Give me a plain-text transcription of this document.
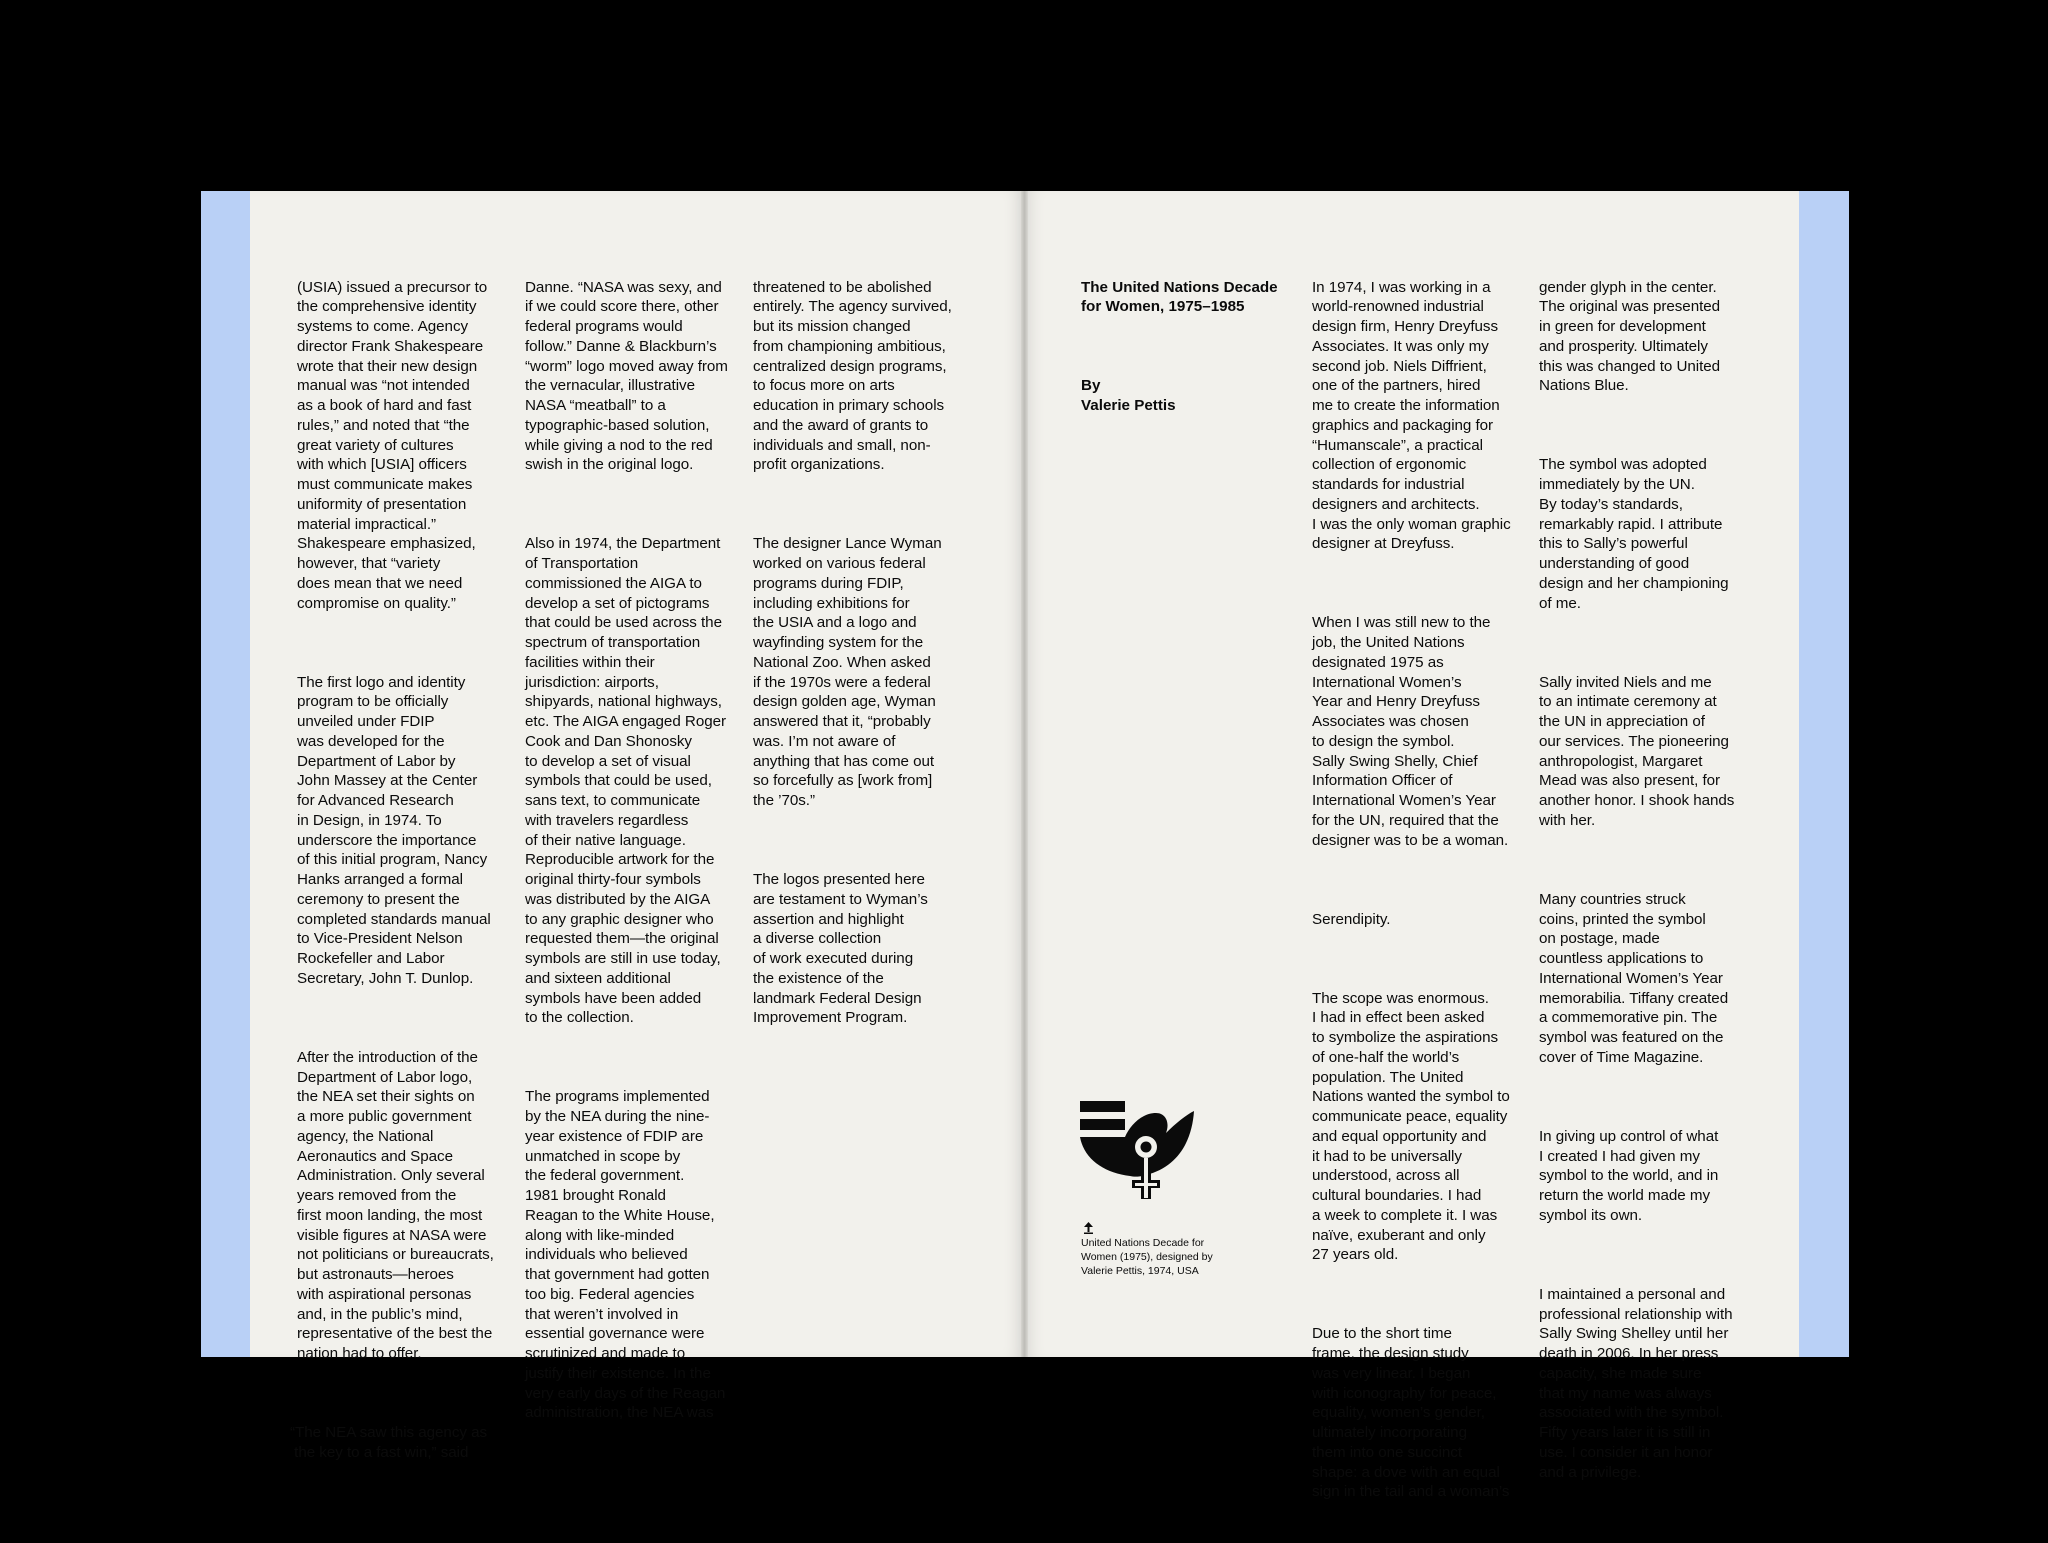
(USIA) issued a precursor to
the comprehensive identity
systems to come. Agency
director Frank Shakespeare
wrote that their new design
manual was “not intended
as a book of hard and fast
rules,” and noted that “the
great variety of cultures
with which [USIA] officers
must communicate makes
uniformity of presentation
material impractical.”
Shakespeare emphasized,
however, that “variety
does mean that we need
compromise on quality.”

The first logo and identity
program to be officially
unveiled under FDIP
was developed for the
Department of Labor by
John Massey at the Center
for Advanced Research
in Design, in 1974. To
underscore the importance
of this initial program, Nancy
Hanks arranged a formal
ceremony to present the
completed standards manual
to Vice-President Nelson
Rockefeller and Labor
Secretary, John T. Dunlop.

After the introduction of the
Department of Labor logo,
the NEA set their sights on
a more public government
agency, the National
Aeronautics and Space
Administration. Only several
years removed from the
first moon landing, the most
visible figures at NASA were
not politicians or bureaucrats,
but astronauts—heroes
with aspirational personas
and, in the public’s mind,
representative of the best the
nation had to offer.

“The NEA saw this agency as
the key to a fast win,” said

Danne. “NASA was sexy, and
if we could score there, other
federal programs would
follow.” Danne & Blackburn’s
“worm” logo moved away from
the vernacular, illustrative
NASA “meatball” to a
typographic-based solution,
while giving a nod to the red
swish in the original logo.

Also in 1974, the Department
of Transportation
commissioned the AIGA to
develop a set of pictograms
that could be used across the
spectrum of transportation
facilities within their
jurisdiction: airports,
shipyards, national highways,
etc. The AIGA engaged Roger
Cook and Dan Shonosky
to develop a set of visual
symbols that could be used,
sans text, to communicate
with travelers regardless
of their native language.
Reproducible artwork for the
original thirty-four symbols
was distributed by the AIGA
to any graphic designer who
requested them—the original
symbols are still in use today,
and sixteen additional
symbols have been added
to the collection.

The programs implemented
by the NEA during the nine-
year existence of FDIP are
unmatched in scope by
the federal government.
1981 brought Ronald
Reagan to the White House,
along with like-minded
individuals who believed
that government had gotten
too big. Federal agencies
that weren’t involved in
essential governance were
scrutinized and made to
justify their existence. In the
very early days of the Reagan
administration, the NEA was

threatened to be abolished
entirely. The agency survived,
but its mission changed
from championing ambitious,
centralized design programs,
to focus more on arts
education in primary schools
and the award of grants to
individuals and small, non-
profit organizations.

The designer Lance Wyman
worked on various federal
programs during FDIP,
including exhibitions for
the USIA and a logo and
wayfinding system for the
National Zoo. When asked
if the 1970s were a federal
design golden age, Wyman
answered that it, “probably
was. I’m not aware of
anything that has come out
so forcefully as [work from]
the ’70s.”

The logos presented here
are testament to Wyman’s
assertion and highlight
a diverse collection
of work executed during
the existence of the
landmark Federal Design
Improvement Program.

The United Nations Decade
for Women, 1975–1985

By
Valerie Pettis

In 1974, I was working in a
world-renowned industrial
design firm, Henry Dreyfuss
Associates. It was only my
second job. Niels Diffrient,
one of the partners, hired
me to create the information
graphics and packaging for
“Humanscale”, a practical
collection of ergonomic
standards for industrial
designers and architects.
I was the only woman graphic
designer at Dreyfuss.

When I was still new to the
job, the United Nations
designated 1975 as
International Women’s
Year and Henry Dreyfuss
Associates was chosen
to design the symbol.
Sally Swing Shelly, Chief
Information Officer of
International Women’s Year
for the UN, required that the
designer was to be a woman.

Serendipity.

The scope was enormous.
I had in effect been asked
to symbolize the aspirations
of one-half the world’s
population. The United
Nations wanted the symbol to
communicate peace, equality
and equal opportunity and
it had to be universally
understood, across all
cultural boundaries. I had
a week to complete it. I was
naïve, exuberant and only
27 years old.

Due to the short time
frame, the design study
was very linear. I began
with iconography for peace,
equality, women’s gender,
ultimately incorporating
them into one succinct
shape: a dove with an equal
sign in the tail and a woman’s

gender glyph in the center.
The original was presented
in green for development
and prosperity. Ultimately
this was changed to United
Nations Blue.

The symbol was adopted
immediately by the UN.
By today’s standards,
remarkably rapid. I attribute
this to Sally’s powerful
understanding of good
design and her championing
of me.

Sally invited Niels and me
to an intimate ceremony at
the UN in appreciation of
our services. The pioneering
anthropologist, Margaret
Mead was also present, for
another honor. I shook hands
with her.

Many countries struck
coins, printed the symbol
on postage, made
countless applications to
International Women’s Year
memorabilia. Tiffany created
a commemorative pin. The
symbol was featured on the
cover of Time Magazine.

In giving up control of what
I created I had given my
symbol to the world, and in
return the world made my
symbol its own.

I maintained a personal and
professional relationship with
Sally Swing Shelley until her
death in 2006. In her press
capacity, she made sure
that my name was always
associated with the symbol.
Fifty years later it is still in
use. I consider it an honor
and a privilege.

United Nations Decade for
Women (1975), designed by
Valerie Pettis, 1974, USA
